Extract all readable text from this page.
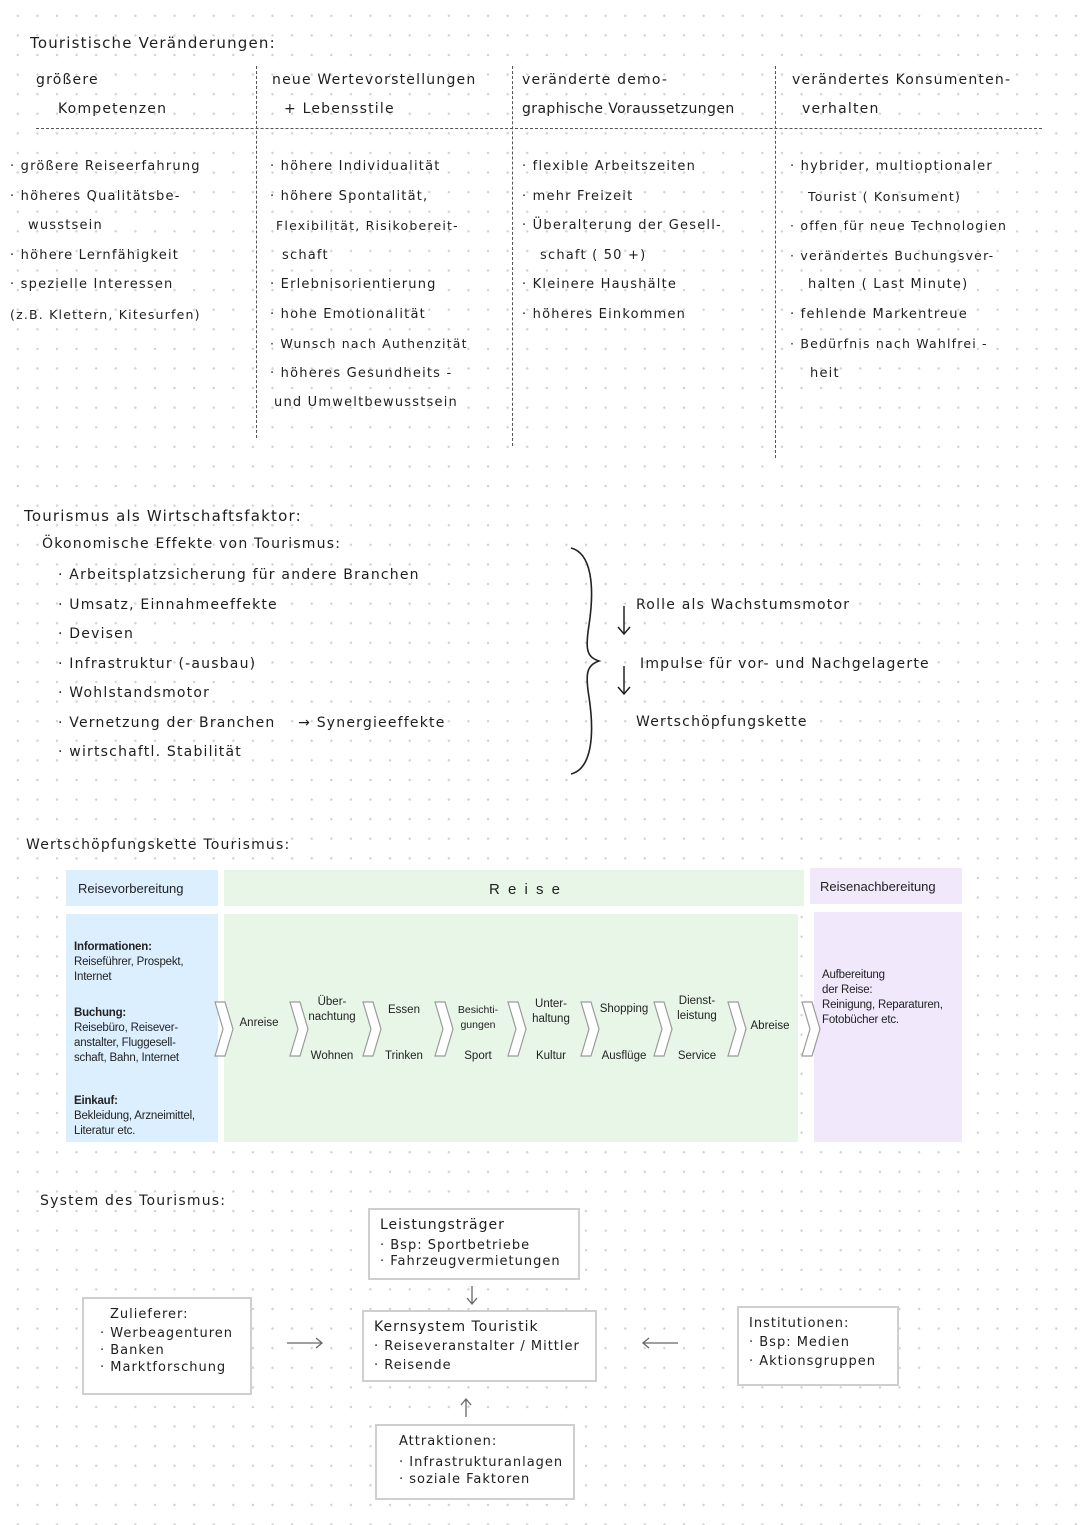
Touristische Veränderungen:
größere
Kompetenzen
neue Wertevorstellungen
+ Lebensstile
veränderte demo-
graphische Voraussetzungen
verändertes Konsumenten-
verhalten
· größere Reiseerfahrung
· höheres Qualitätsbe-
wusstsein
· höhere Lernfähigkeit
· spezielle Interessen
(z.B. Klettern, Kitesurfen)
· höhere Individualität
· höhere Spontalität,
Flexibilität, Risikobereit-
schaft
· Erlebnisorientierung
· hohe Emotionalität
· Wunsch nach Authenzität
· höheres Gesundheits -
und Umweltbewusstsein
· flexible Arbeitszeiten
· mehr Freizeit
· Überalterung der Gesell-
schaft ( 50 +)
· Kleinere Haushälte
· höheres Einkommen
· hybrider, multioptionaler
Tourist ( Konsument)
· offen für neue Technologien
· verändertes Buchungsver-
halten ( Last Minute)
· fehlende Markentreue
· Bedürfnis nach Wahlfrei -
heit
Tourismus als Wirtschaftsfaktor:
Ökonomische Effekte von Tourismus:
· Arbeitsplatzsicherung für andere Branchen
· Umsatz, Einnahmeeffekte
· Devisen
· Infrastruktur (-ausbau)
· Wohlstandsmotor
· Vernetzung der Branchen → Synergieeffekte
· wirtschaftl. Stabilität
Rolle als Wachstumsmotor
Impulse für vor- und Nachgelagerte
Wertschöpfungskette
Wertschöpfungskette Tourismus:
Reisevorbereitung	R e i s e	Reisenachbereitung
Informationen:
Reiseführer, Prospekt,
Internet
Buchung:
Reisebüro, Reisever-
anstalter, Fluggesell-
schaft, Bahn, Internet
Einkauf:
Bekleidung, Arzneimittel,
Literatur etc.
Aufbereitung
der Reise:
Reinigung, Reparaturen,
Fotobücher etc.
Anreise
Über-
nachtung
Wohnen
Essen
Trinken
Besichti-
gungen
Sport
Unter-
haltung
Kultur
Shopping
Ausflüge
Dienst-
leistung
Service
Abreise
System des Tourismus:
Leistungsträger
· Bsp: Sportbetriebe
· Fahrzeugvermietungen
Zulieferer:
· Werbeagenturen
· Banken
· Marktforschung
Kernsystem Touristik
· Reiseveranstalter / Mittler
· Reisende
Institutionen:
· Bsp: Medien
· Aktionsgruppen
Attraktionen:
· Infrastrukturanlagen
· soziale Faktoren
